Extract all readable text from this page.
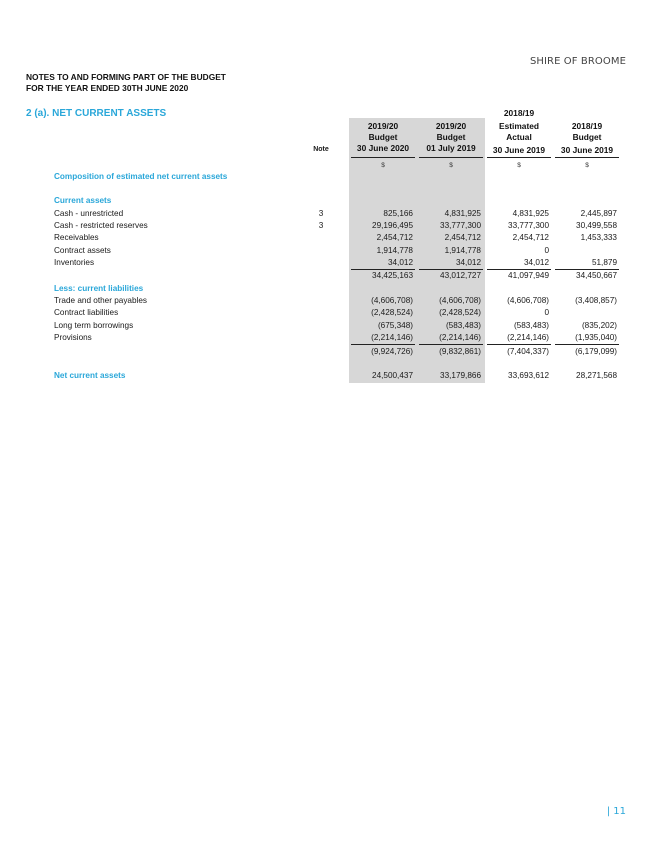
SHIRE OF BROOME
NOTES TO AND FORMING PART OF THE BUDGET
FOR THE YEAR ENDED 30TH JUNE 2020
2 (a). NET CURRENT ASSETS	2018/19
2019/20
Budget
30 June 2020
2019/20
Budget
01 July 2019
Estimated
Actual
30 June 2019
2018/19
Budget
30 June 2019
Note
$	$	$	$
Composition of estimated net current assets
Current assets
Cash - unrestricted	3	825,166	4,831,925	4,831,925	2,445,897
Cash - restricted reserves	3	29,196,495	33,777,300	33,777,300	30,499,558
Receivables	2,454,712	2,454,712	2,454,712	1,453,333
Contract assets	1,914,778	1,914,778	0
Inventories	34,012	34,012	34,012	51,879
34,425,163	43,012,727	41,097,949	34,450,667
Less: current liabilities
Trade and other payables	(4,606,708)	(4,606,708)	(4,606,708)	(3,408,857)
Contract liabilities	(2,428,524)	(2,428,524)	0
Long term borrowings	(675,348)	(583,483)	(583,483)	(835,202)
Provisions	(2,214,146)	(2,214,146)	(2,214,146)	(1,935,040)
(9,924,726)	(9,832,861)	(7,404,337)	(6,179,099)
Net current assets	24,500,437	33,179,866	33,693,612	28,271,568
| 11
